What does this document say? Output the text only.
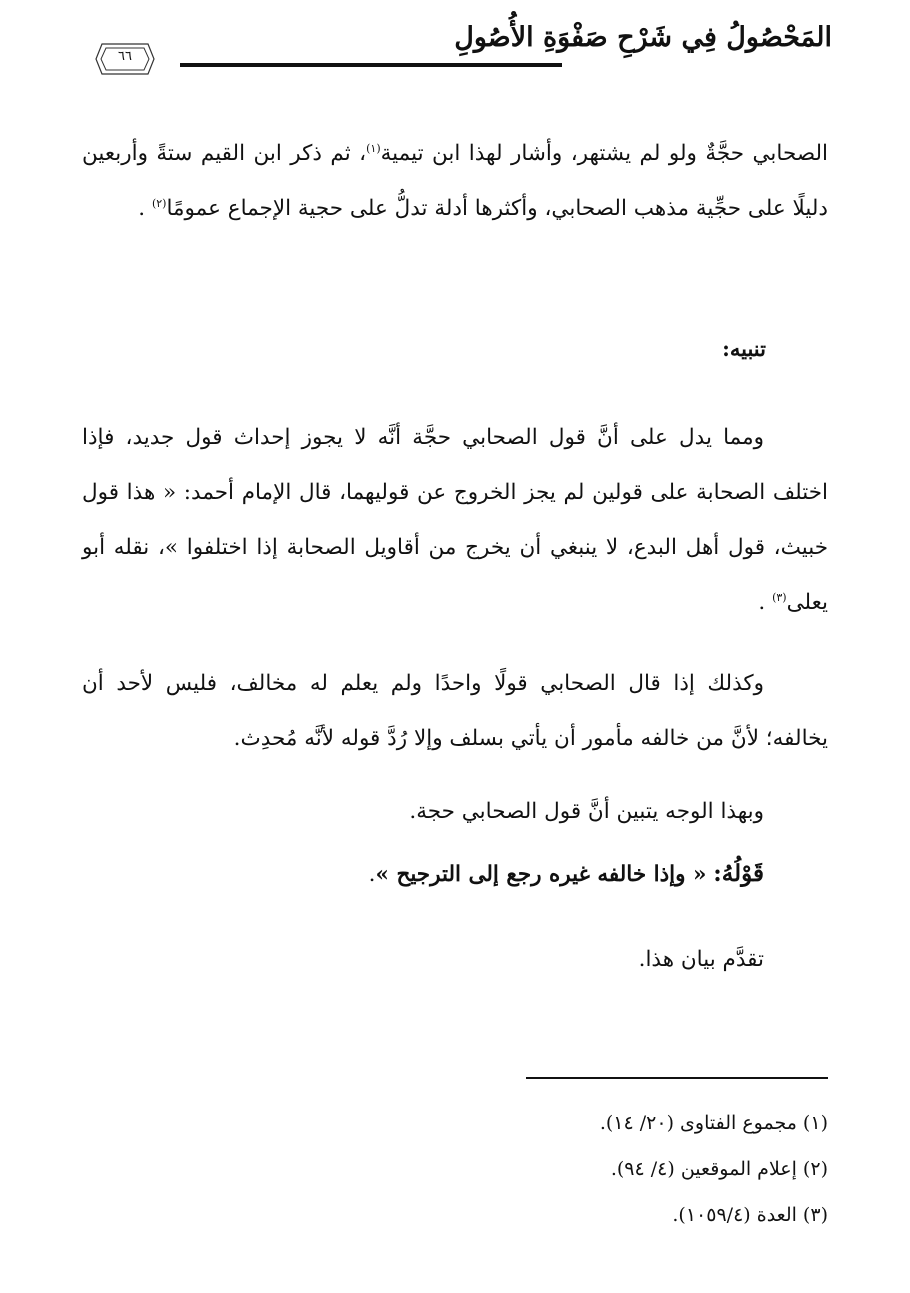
المَحْصُولُ فِي شَرْحِ صَفْوَةِ الأُصُولِ
٦٦

الصحابي حجَّةٌ ولو لم يشتهر، وأشار لهذا ابن تيمية$^{(١)}$، ثم ذكر ابن القيم ستةً وأربعين دليلًا على حجِّية مذهب الصحابي، وأكثرها أدلة تدلُّ على حجية الإجماع عمومًا$^{(٢)}$ .

تنبيه:

ومما يدل على أنَّ قول الصحابي حجَّة أنَّه لا يجوز إحداث قول جديد، فإذا اختلف الصحابة على قولين لم يجز الخروج عن قوليهما، قال الإمام أحمد: « هذا قول خبيث، قول أهل البدع، لا ينبغي أن يخرج من أقاويل الصحابة إذا اختلفوا »، نقله أبو يعلى$^{(٣)}$ .

وكذلك إذا قال الصحابي قولًا واحدًا ولم يعلم له مخالف، فليس لأحد أن يخالفه؛ لأنَّ من خالفه مأمور أن يأتي بسلف وإلا رُدَّ قوله لأنَّه مُحدِث.

وبهذا الوجه يتبين أنَّ قول الصحابي حجة.

قَوْلُهُ: « وإذا خالفه غيره رجع إلى الترجيح ».

تقدَّم بيان هذا.

(١) مجموع الفتاوى (٢٠/ ١٤).
(٢) إعلام الموقعين (٤/ ٩٤).
(٣) العدة (١٠٥٩/٤).
